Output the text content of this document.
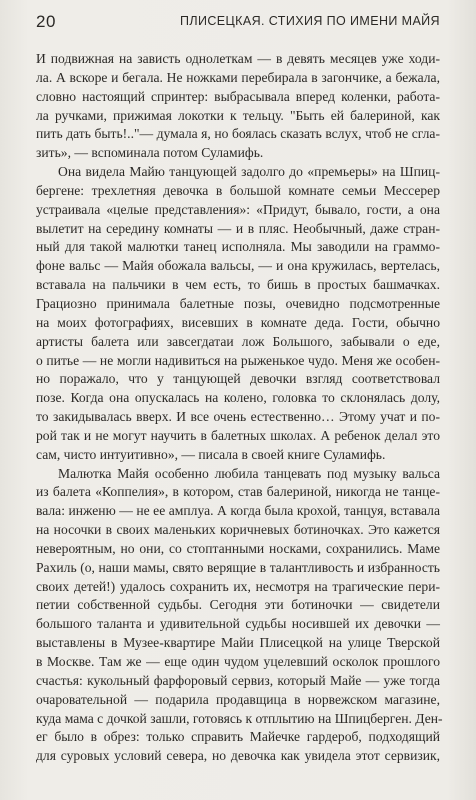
20	ПЛИСЕЦКАЯ. СТИХИЯ ПО ИМЕНИ МАЙЯ
И подвижная на зависть однолеткам — в девять месяцев уже ходи-
ла. А вскоре и бегала. Не ножками перебирала в загончике, а бежала,
словно настоящий спринтер: выбрасывала вперед коленки, работа-
ла ручками, прижимая локотки к тельцу. "Быть ей балериной, как
пить дать быть!.."— думала я, но боялась сказать вслух, чтоб не сгла-
зить», — вспоминала потом Суламифь.
Она видела Майю танцующей задолго до «премьеры» на Шпиц-
бергене: трехлетняя девочка в большой комнате семьи Мессерер
устраивала «целые представления»: «Придут, бывало, гости, а она
вылетит на середину комнаты — и в пляс. Необычный, даже стран-
ный для такой малютки танец исполняла. Мы заводили на граммо-
фоне вальс — Майя обожала вальсы, — и она кружилась, вертелась,
вставала на пальчики в чем есть, то бишь в простых башмачках.
Грациозно принимала балетные позы, очевидно подсмотренные
на моих фотографиях, висевших в комнате деда. Гости, обычно
артисты балета или завсегдатаи лож Большого, забывали о еде,
о питье — не могли надивиться на рыженькое чудо. Меня же особен-
но поражало, что у танцующей девочки взгляд соответствовал
позе. Когда она опускалась на колено, головка то склонялась долу,
то закидывалась вверх. И все очень естественно… Этому учат и по-
рой так и не могут научить в балетных школах. А ребенок делал это
сам, чисто интуитивно», — писала в своей книге Суламифь.
Малютка Майя особенно любила танцевать под музыку вальса
из балета «Коппелия», в котором, став балериной, никогда не танце-
вала: инженю — не ее амплуа. А когда была крохой, танцуя, вставала
на носочки в своих маленьких коричневых ботиночках. Это кажется
невероятным, но они, со стоптанными носками, сохранились. Маме
Рахиль (о, наши мамы, свято верящие в талантливость и избранность
своих детей!) удалось сохранить их, несмотря на трагические пери-
петии собственной судьбы. Сегодня эти ботиночки — свидетели
большого таланта и удивительной судьбы носившей их девочки —
выставлены в Музее-квартире Майи Плисецкой на улице Тверской
в Москве. Там же — еще один чудом уцелевший осколок прошлого
счастья: кукольный фарфоровый сервиз, который Майе — уже тогда
очаровательной — подарила продавщица в норвежском магазине,
куда мама с дочкой зашли, готовясь к отплытию на Шпицберген. Ден-
ег было в обрез: только справить Майечке гардероб, подходящий
для суровых условий севера, но девочка как увидела этот сервизик,
